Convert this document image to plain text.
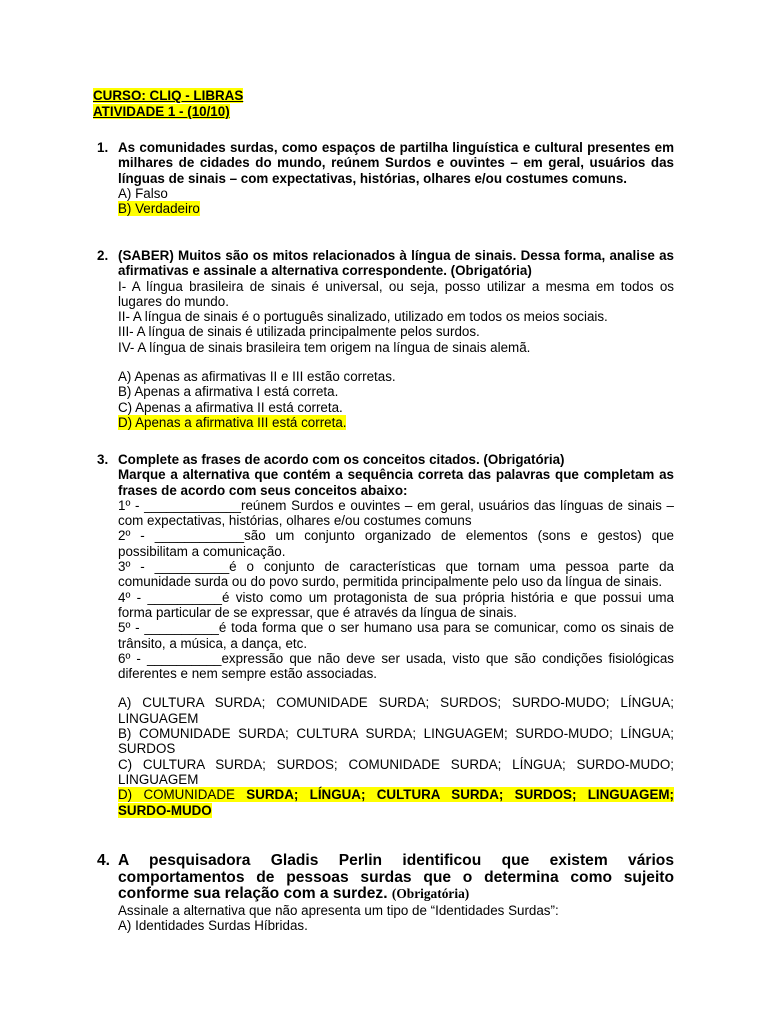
CURSO: CLIQ - LIBRAS
ATIVIDADE 1 - (10/10)
1. As comunidades surdas, como espaços de partilha linguística e cultural presentes em milhares de cidades do mundo, reúnem Surdos e ouvintes – em geral, usuários das línguas de sinais – com expectativas, histórias, olhares e/ou costumes comuns.
A) Falso
B) Verdadeiro
2. (SABER) Muitos são os mitos relacionados à língua de sinais. Dessa forma, analise as afirmativas e assinale a alternativa correspondente. (Obrigatória)
I- A língua brasileira de sinais é universal, ou seja, posso utilizar a mesma em todos os lugares do mundo.
II- A língua de sinais é o português sinalizado, utilizado em todos os meios sociais.
III- A língua de sinais é utilizada principalmente pelos surdos.
IV- A língua de sinais brasileira tem origem na língua de sinais alemã.
A) Apenas as afirmativas II e III estão corretas.
B) Apenas a afirmativa I está correta.
C) Apenas a afirmativa II está correta.
D) Apenas a afirmativa III está correta.
3. Complete as frases de acordo com os conceitos citados. (Obrigatória)
Marque a alternativa que contém a sequência correta das palavras que completam as frases de acordo com seus conceitos abaixo:
1º - _____________reúnem Surdos e ouvintes – em geral, usuários das línguas de sinais – com expectativas, histórias, olhares e/ou costumes comuns
2º - ____________são um conjunto organizado de elementos (sons e gestos) que possibilitam a comunicação.
3º - __________é o conjunto de características que tornam uma pessoa parte da comunidade surda ou do povo surdo, permitida principalmente pelo uso da língua de sinais.
4º - __________é visto como um protagonista de sua própria história e que possui uma forma particular de se expressar, que é através da língua de sinais.
5º - __________é toda forma que o ser humano usa para se comunicar, como os sinais de trânsito, a música, a dança, etc.
6º - __________expressão que não deve ser usada, visto que são condições fisiológicas diferentes e nem sempre estão associadas.
A) CULTURA SURDA; COMUNIDADE SURDA; SURDOS; SURDO-MUDO; LÍNGUA; LINGUAGEM
B) COMUNIDADE SURDA; CULTURA SURDA; LINGUAGEM; SURDO-MUDO; LÍNGUA; SURDOS
C) CULTURA SURDA; SURDOS; COMUNIDADE SURDA; LÍNGUA; SURDO-MUDO; LINGUAGEM
D) COMUNIDADE SURDA; LÍNGUA; CULTURA SURDA; SURDOS; LINGUAGEM; SURDO-MUDO
4. A pesquisadora Gladis Perlin identificou que existem vários comportamentos de pessoas surdas que o determina como sujeito conforme sua relação com a surdez. (Obrigatória)
Assinale a alternativa que não apresenta um tipo de “Identidades Surdas”:
A) Identidades Surdas Híbridas.
